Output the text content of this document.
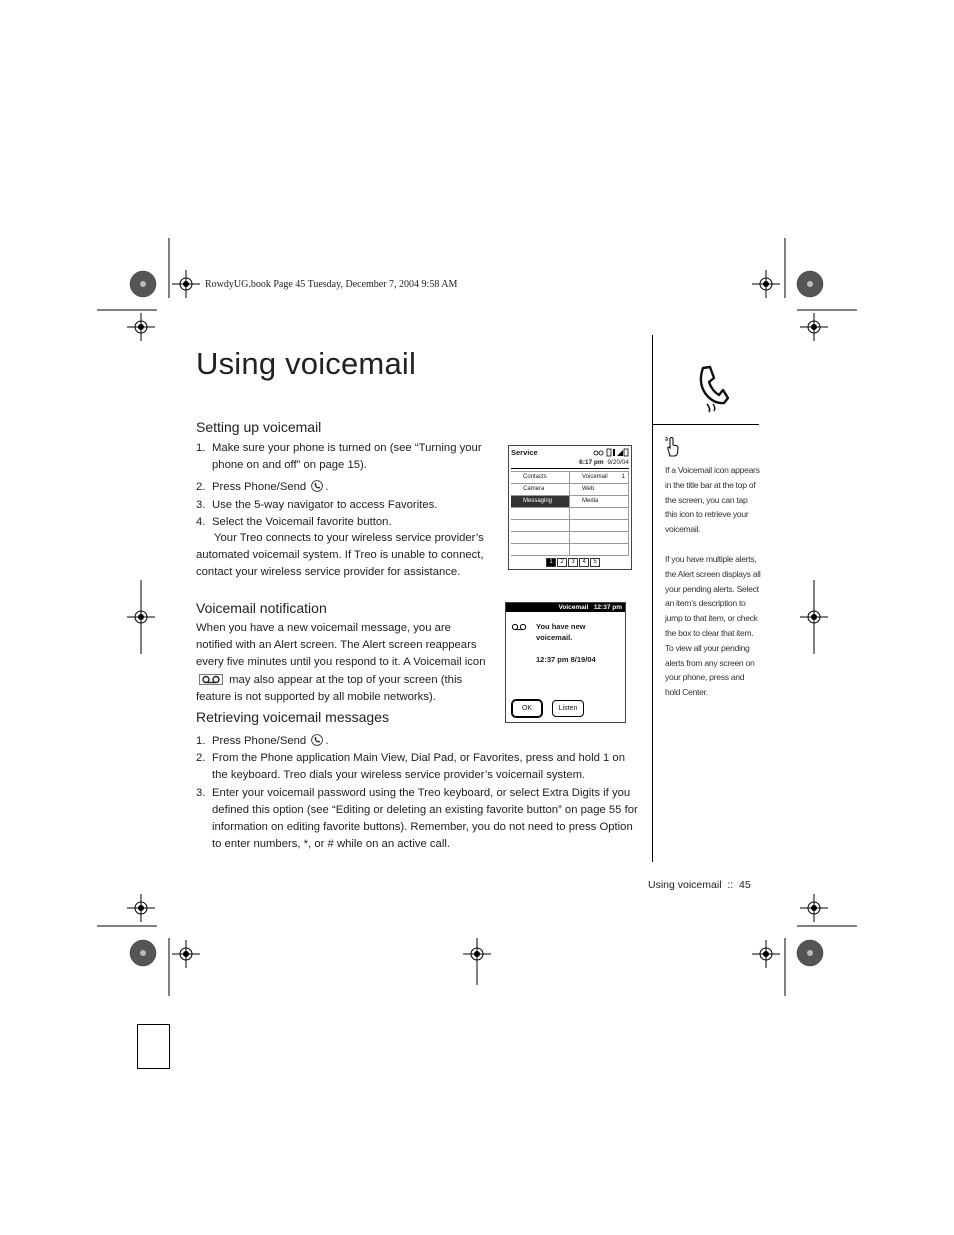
RowdyUG.book Page 45 Tuesday, December 7, 2004 9:58 AM
Using voicemail
Setting up voicemail
1. Make sure your phone is turned on (see “Turning your phone on and off” on page 15).
2. Press Phone/Send .
3. Use the 5-way navigator to access Favorites.
4. Select the Voicemail favorite button.

Your Treo connects to your wireless service provider’s automated voicemail system. If Treo is unable to connect, contact your wireless service provider for assistance.

Voicemail notification

When you have a new voicemail message, you are notified with an Alert screen. The Alert screen reappears every five minutes until you respond to it. A Voicemail icon  may also appear at the top of your screen (this feature is not supported by all mobile networks).

Retrieving voicemail messages
1. Press Phone/Send .
2. From the Phone application Main View, Dial Pad, or Favorites, press and hold 1 on the keyboard. Treo dials your wireless service provider’s voicemail system.
3. Enter your voicemail password using the Treo keyboard, or select Extra Digits if you defined this option (see “Editing or deleting an existing favorite button” on page 55 for information on editing favorite buttons). Remember, you do not need to press Option to enter numbers, *, or # while on an active call.
Service
6:17 pm 9/20/04
Contacts	Voicemail 1
Camera	Web
Messaging	Media
1	2	3	4	5
Voicemail 12:37 pm
You have new
voicemail.
12:37 pm 8/19/04
OK	Listen

If a Voicemail icon appears in the title bar at the top of the screen, you can tap this icon to retrieve your voicemail.

If you have multiple alerts, the Alert screen displays all your pending alerts. Select an item’s description to jump to that item, or check the box to clear that item. To view all your pending alerts from any screen on your phone, press and hold Center.

Using voicemail  ::  45
